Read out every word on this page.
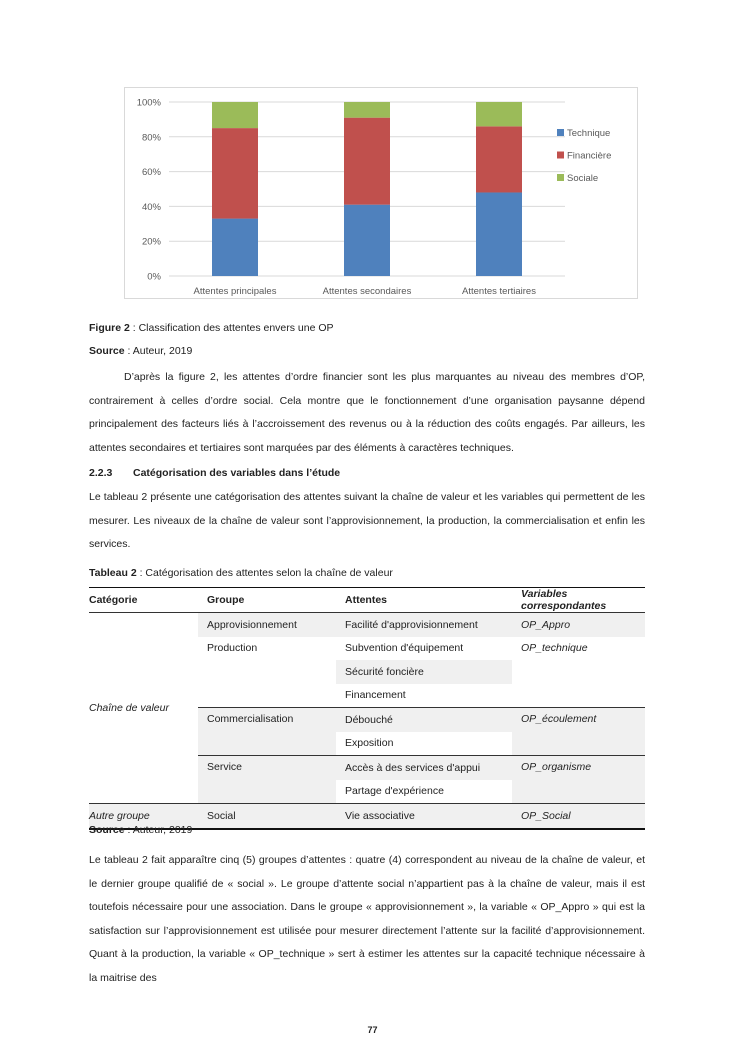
0%
20%
40%
60%
80%
100%
Attentes principales	Attentes secondaires	Attentes tertiaires
Technique
Financière
Sociale
Figure 2 : Classification des attentes envers une OP
Source : Auteur, 2019
D’après la figure 2, les attentes d’ordre financier sont les plus marquantes au niveau des membres d’OP, contrairement à celles d’ordre social. Cela montre que le fonctionnement d’une organisation paysanne dépend principalement des facteurs liés à l’accroissement des revenus ou à la réduction des coûts engagés. Par ailleurs, les attentes secondaires et tertiaires sont marquées par des éléments à caractères techniques.
2.2.3 Catégorisation des variables dans l’étude
Le tableau 2 présente une catégorisation des attentes suivant la chaîne de valeur et les variables qui permettent de les mesurer. Les niveaux de la chaîne de valeur sont l’approvisionnement, la production, la commercialisation et enfin les services.
Tableau 2 : Catégorisation des attentes selon la chaîne de valeur
Catégorie	Groupe	Attentes	Variables correspondantes
Chaîne de valeur	Approvisionnement	Facilité d'approvisionnement	OP_Appro
	Production	Subvention d'équipement	OP_technique
		Sécurité foncière	
		Financement	
	Commercialisation	Débouché	OP_écoulement
		Exposition	
	Service	Accès à des services d'appui	OP_organisme
		Partage d'expérience	
Autre groupe	Social	Vie associative	OP_Social
Source : Auteur, 2019
Le tableau 2 fait apparaître cinq (5) groupes d’attentes : quatre (4) correspondent au niveau de la chaîne de valeur, et le dernier groupe qualifié de « social ». Le groupe d’attente social n’appartient pas à la chaîne de valeur, mais il est toutefois nécessaire pour une association. Dans le groupe « approvisionnement », la variable « OP_Appro » qui est la satisfaction sur l’approvisionnement est utilisée pour mesurer directement l’attente sur la facilité d’approvisionnement. Quant à la production, la variable « OP_technique » sert à estimer les attentes sur la capacité technique nécessaire à la maitrise des
77
